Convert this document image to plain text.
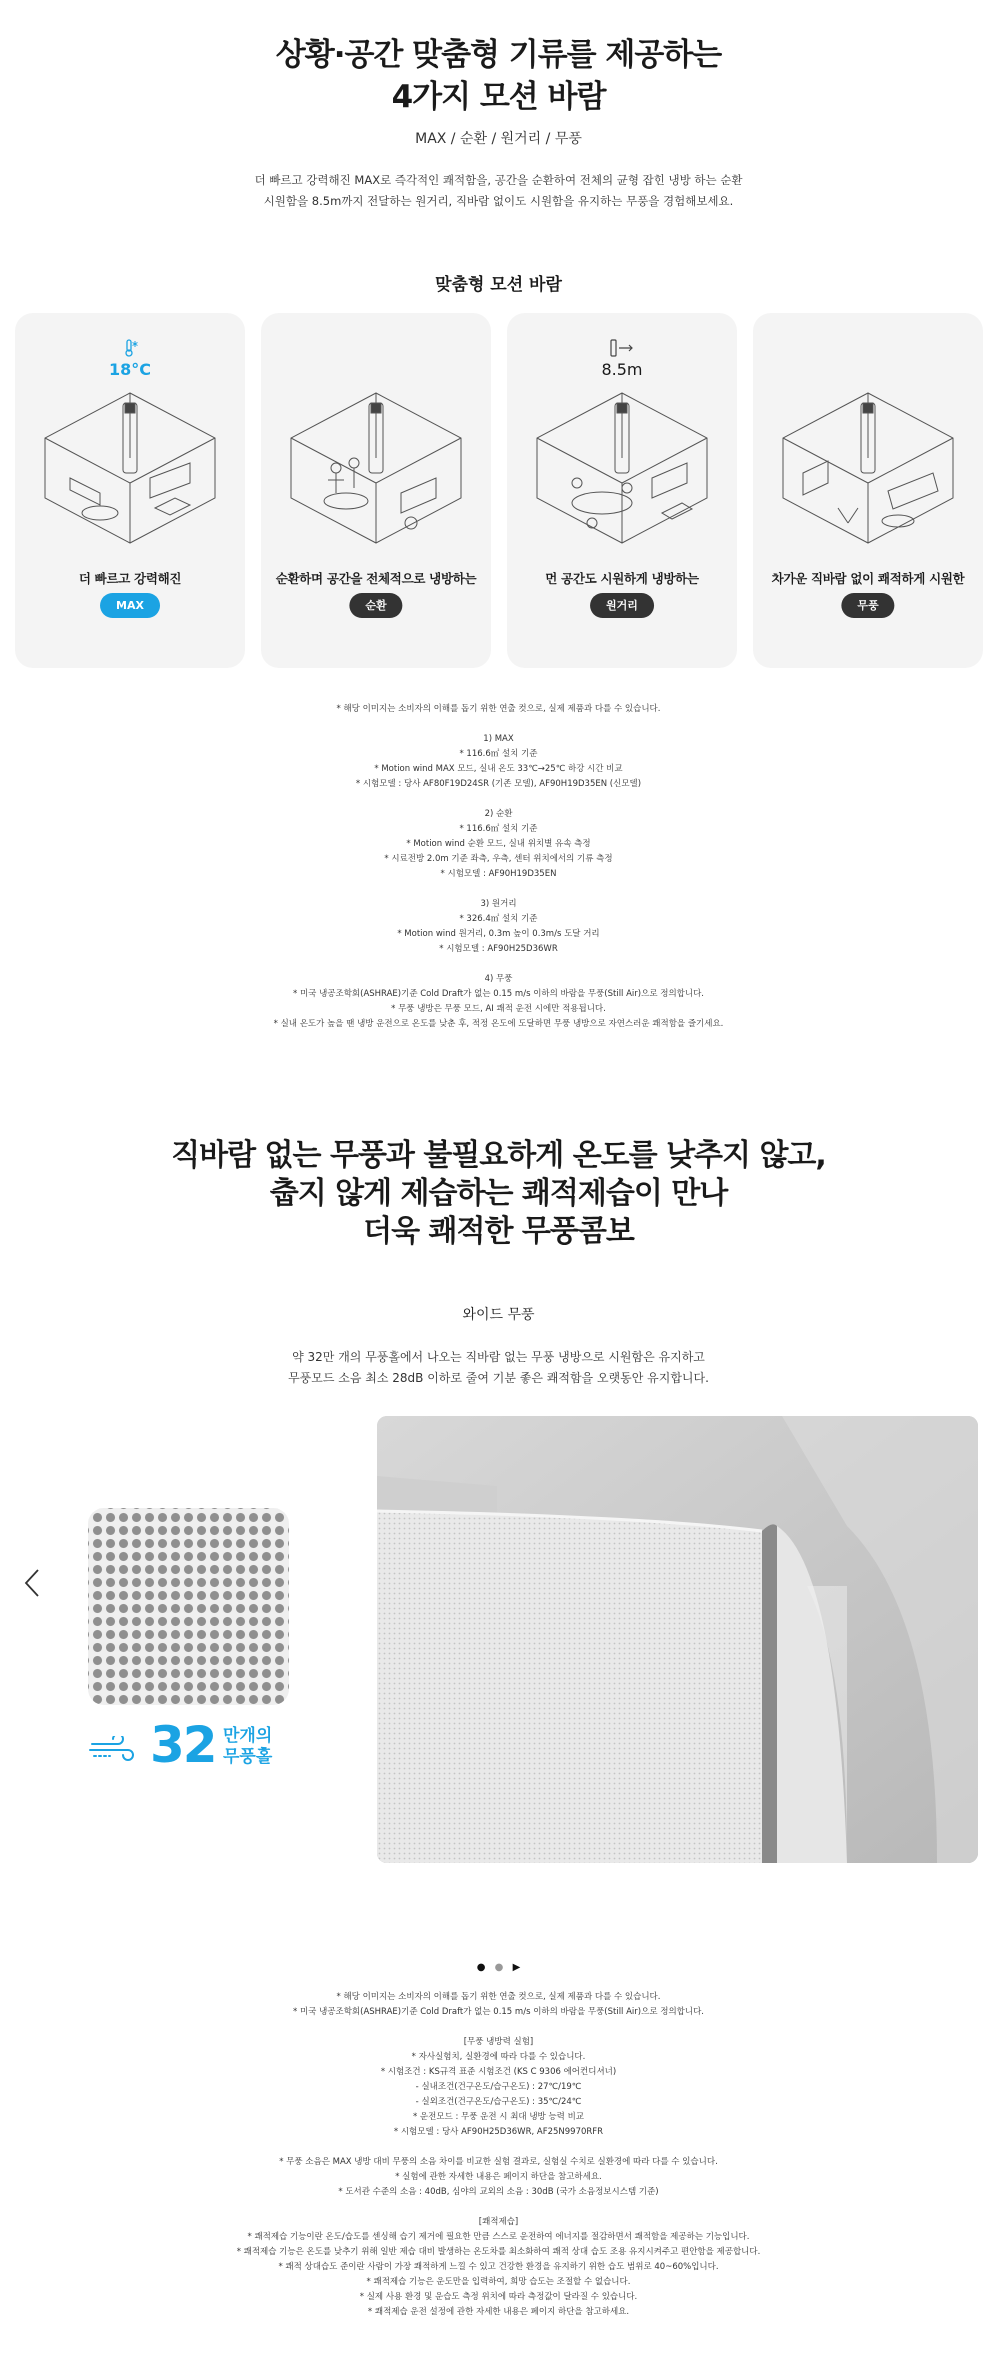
상황·공간 맞춤형 기류를 제공하는
4가지 모션 바람
MAX / 순환 / 원거리 / 무풍
더 빠르고 강력해진 MAX로 즉각적인 쾌적함을, 공간을 순환하여 전체의 균형 잡힌 냉방 하는 순환
시원함을 8.5m까지 전달하는 원거리, 직바람 없이도 시원함을 유지하는 무풍을 경험해보세요.
맞춤형 모션 바람
18°C
더 빠르고 강력해진
MAX
순환하며 공간을 전체적으로 냉방하는
순환
8.5m
먼 공간도 시원하게 냉방하는
원거리
차가운 직바람 없이 쾌적하게 시원한
무풍

* 해당 이미지는 소비자의 이해를 돕기 위한 연출 컷으로, 실제 제품과 다를 수 있습니다.

1) MAX

* 116.6㎡ 설치 기준

* Motion wind MAX 모드, 실내 온도 33℃→25℃ 하강 시간 비교

* 시험모델 : 당사 AF80F19D24SR (기존 모델), AF90H19D35EN (신모델)

2) 순환

* 116.6㎡ 설치 기준

* Motion wind 순환 모드, 실내 위치별 유속 측정

* 시료전방 2.0m 기준 좌측, 우측, 센터 위치에서의 기류 측정

* 시험모델 : AF90H19D35EN

3) 원거리

* 326.4㎡ 설치 기준

* Motion wind 원거리, 0.3m 높이 0.3m/s 도달 거리

* 시험모델 : AF90H25D36WR

4) 무풍

* 미국 냉공조학회(ASHRAE)기준 Cold Draft가 없는 0.15 m/s 이하의 바람을 무풍(Still Air)으로 정의합니다.

* 무풍 냉방은 무풍 모드, AI 쾌적 운전 시에만 적용됩니다.

* 실내 온도가 높을 땐 냉방 운전으로 온도를 낮춘 후, 적정 온도에 도달하면 무풍 냉방으로 자연스러운 쾌적함을 즐기세요.

직바람 없는 무풍과 불필요하게 온도를 낮추지 않고,
춥지 않게 제습하는 쾌적제습이 만나
더욱 쾌적한 무풍콤보
와이드 무풍
약 32만 개의 무풍홀에서 나오는 직바람 없는 무풍 냉방으로 시원함은 유지하고
무풍모드 소음 최소 28dB 이하로 줄여 기분 좋은 쾌적함을 오랫동안 유지합니다.
32 만개의
무풍홀
● ● ▶

* 해당 이미지는 소비자의 이해를 돕기 위한 연출 컷으로, 실제 제품과 다를 수 있습니다.

* 미국 냉공조학회(ASHRAE)기준 Cold Draft가 없는 0.15 m/s 이하의 바람을 무풍(Still Air)으로 정의합니다.

[무풍 냉방력 실험]

* 자사실험치, 실환경에 따라 다를 수 있습니다.

* 시험조건 : KS규격 표준 시험조건 (KS C 9306 에어컨디셔너)

- 실내조건(건구온도/습구온도) : 27℃/19℃

- 실외조건(건구온도/습구온도) : 35℃/24℃

* 운전모드 : 무풍 운전 시 최대 냉방 능력 비교

* 시험모델 : 당사 AF90H25D36WR, AF25N9970RFR

* 무풍 소음은 MAX 냉방 대비 무풍의 소음 차이를 비교한 실험 결과로, 실험실 수치로 실환경에 따라 다를 수 있습니다.

* 실험에 관한 자세한 내용은 페이지 하단을 참고하세요.

* 도서관 수준의 소음 : 40dB, 심야의 교외의 소음 : 30dB (국가 소음정보시스템 기준)

[쾌적제습]

* 쾌적제습 기능이란 온도/습도를 센싱해 습기 제거에 필요한 만큼 스스로 운전하여 에너지를 절감하면서 쾌적함을 제공하는 기능입니다.

* 쾌적제습 기능은 온도를 낮추기 위해 일반 제습 대비 발생하는 온도차를 최소화하여 쾌적 상대 습도 조용 유지시켜주고 편안함을 제공합니다.

* 쾌적 상대습도 준이란 사람이 가장 쾌적하게 느낄 수 있고 건강한 환경을 유지하기 위한 습도 범위로 40~60%입니다.

* 쾌적제습 기능은 운도만을 입력하여, 희망 습도는 조절할 수 없습니다.

* 실제 사용 환경 및 운습도 측정 위치에 따라 측정값이 달라질 수 있습니다.

* 쾌적제습 운전 설정에 관한 자세한 내용은 페이지 하단을 참고하세요.
